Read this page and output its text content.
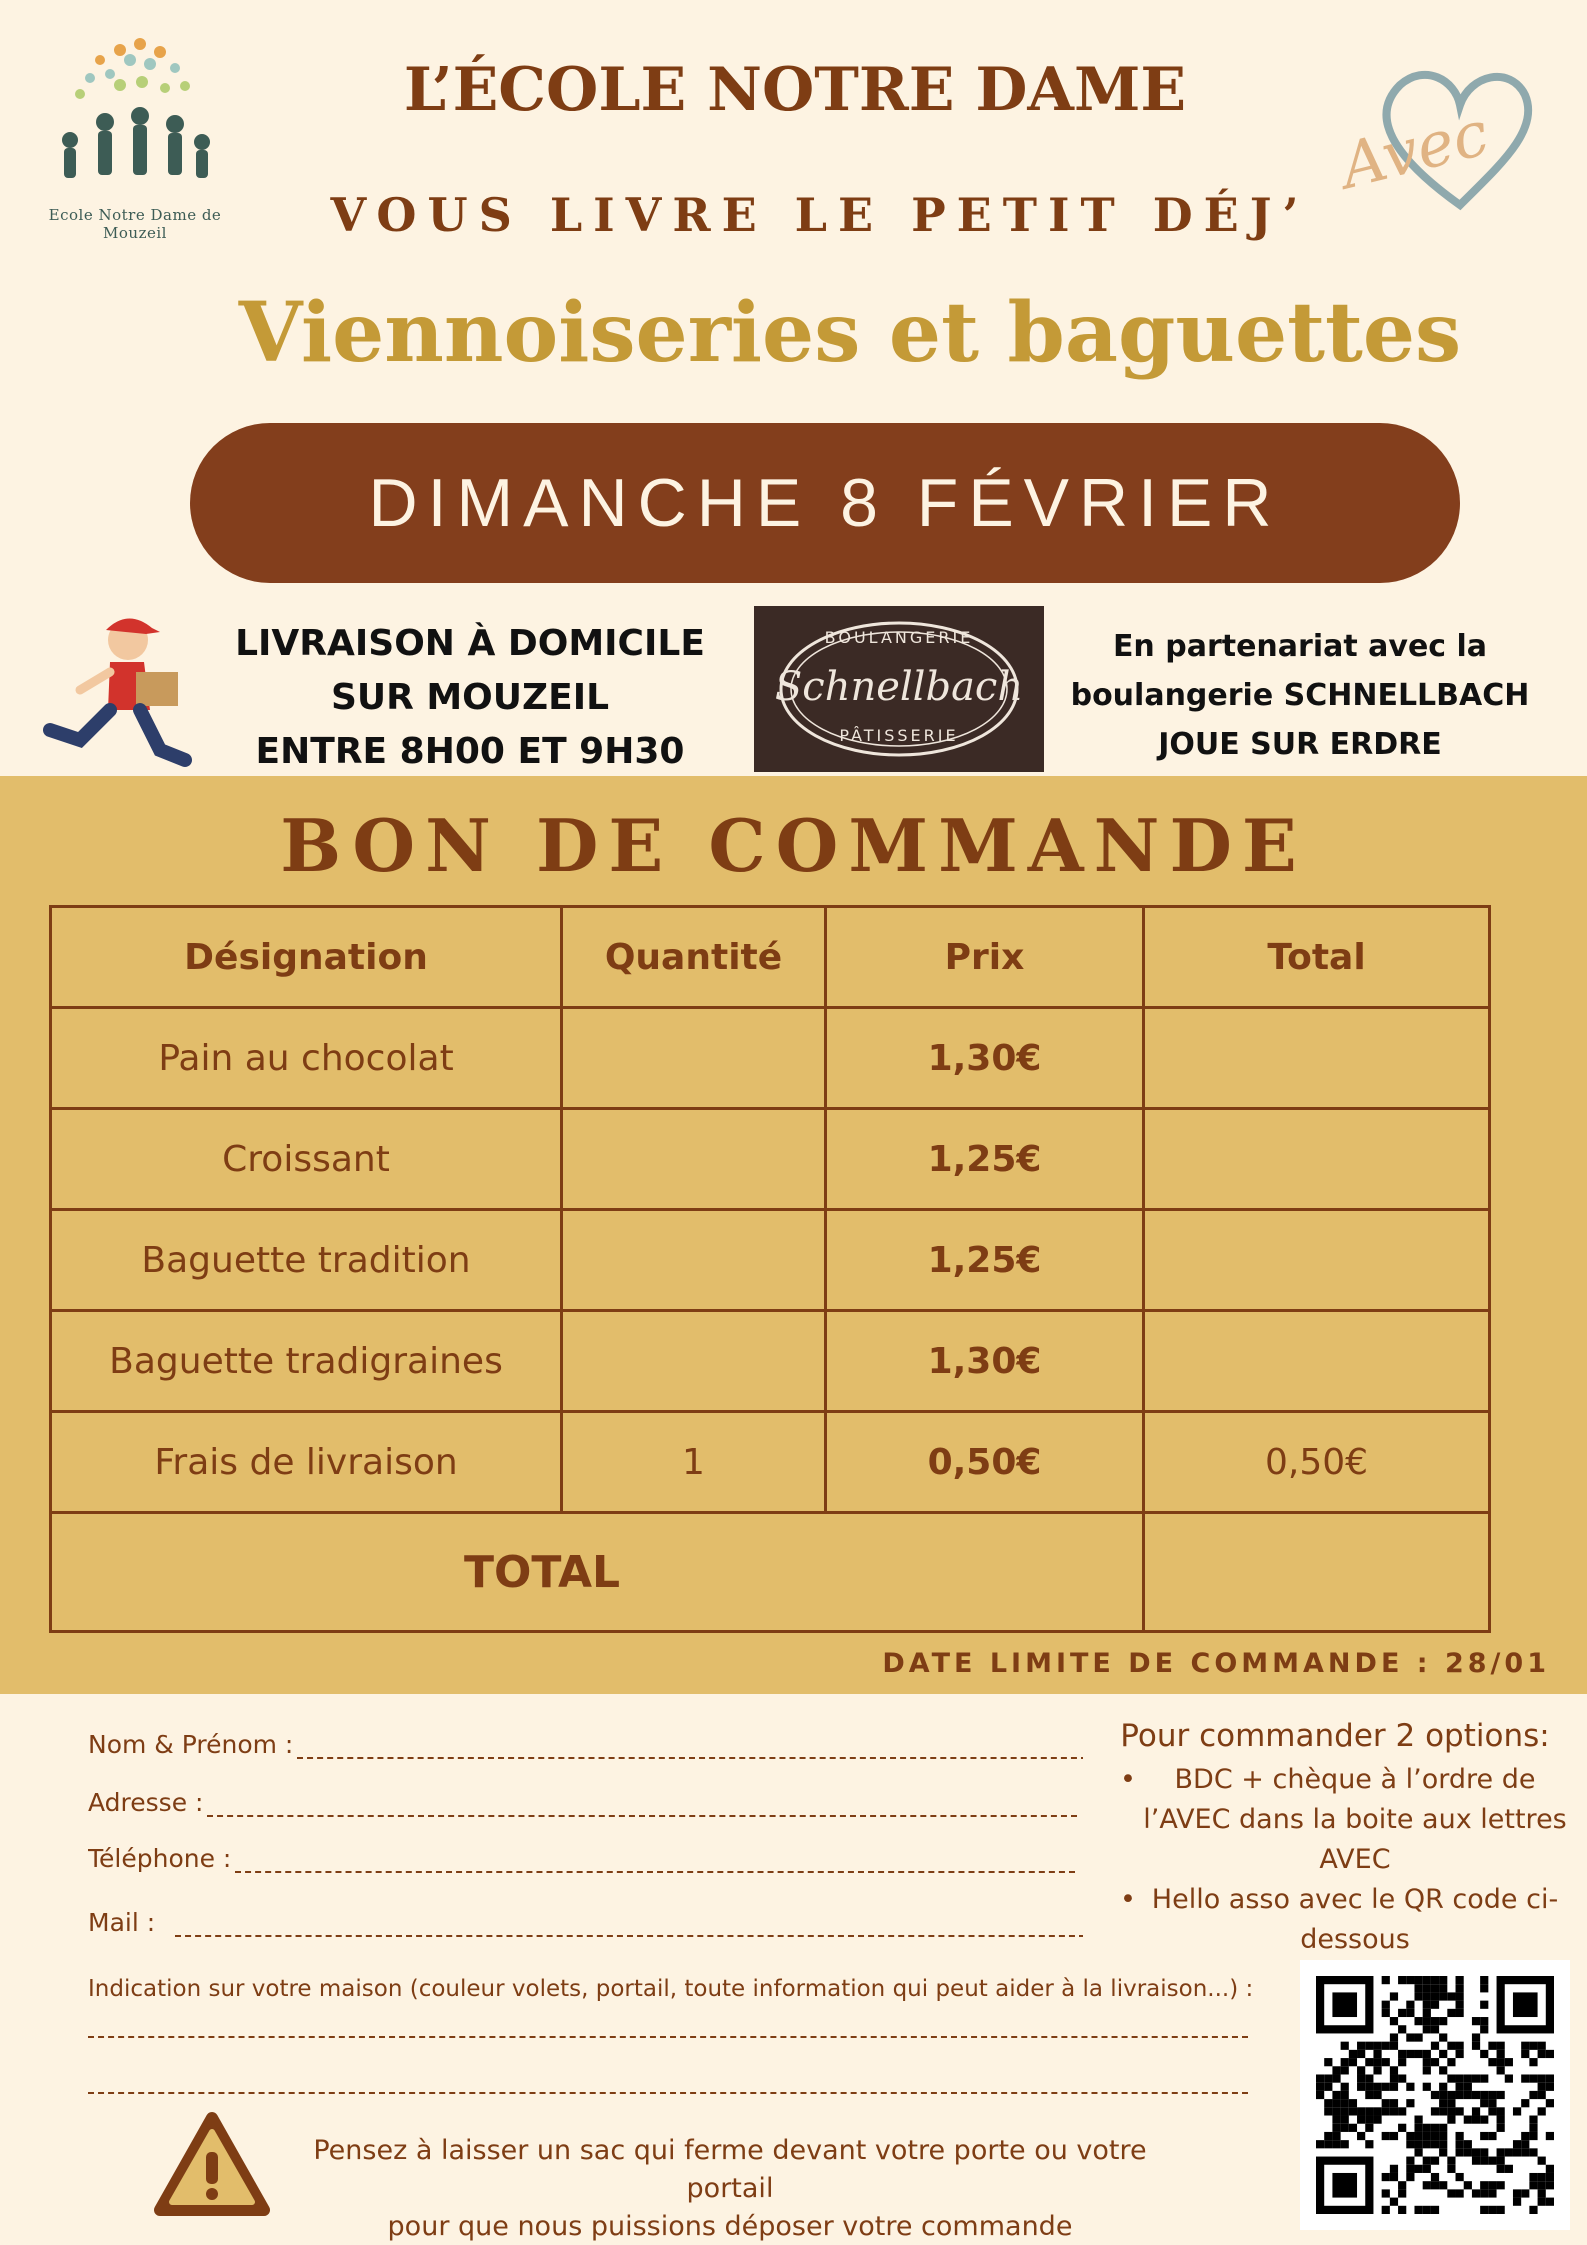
Ecole Notre Dame de Mouzeil
L’ÉCOLE NOTRE DAME
VOUS LIVRE LE PETIT DÉJ’
Avec
Viennoiseries et baguettes
DIMANCHE 8 FÉVRIER
LIVRAISON À DOMICILE
SUR MOUZEIL
ENTRE 8H00 ET 9H30
BOULANGERIE
Schnellbach
PÂTISSERIE
En partenariat avec la
boulangerie SCHNELLBACH
JOUE SUR ERDRE
BON DE COMMANDE
Désignation	Quantité	Prix	Total
Pain au chocolat		1,30€	
Croissant		1,25€	
Baguette tradition		1,25€	
Baguette tradigraines		1,30€	
Frais de livraison	1	0,50€	0,50€
TOTAL			
DATE LIMITE DE COMMANDE : 28/01
Nom & Prénom :
Adresse :
Téléphone :
Mail :
Pour commander 2 options:
• BDC + chèque à l’ordre de l’AVEC dans la boite aux lettres AVEC
• Hello asso avec le QR code ci-dessous
Indication sur votre maison (couleur volets, portail, toute information qui peut aider à la livraison...) :
Pensez à laisser un sac qui ferme devant votre porte ou votre portail
pour que nous puissions déposer votre commande
